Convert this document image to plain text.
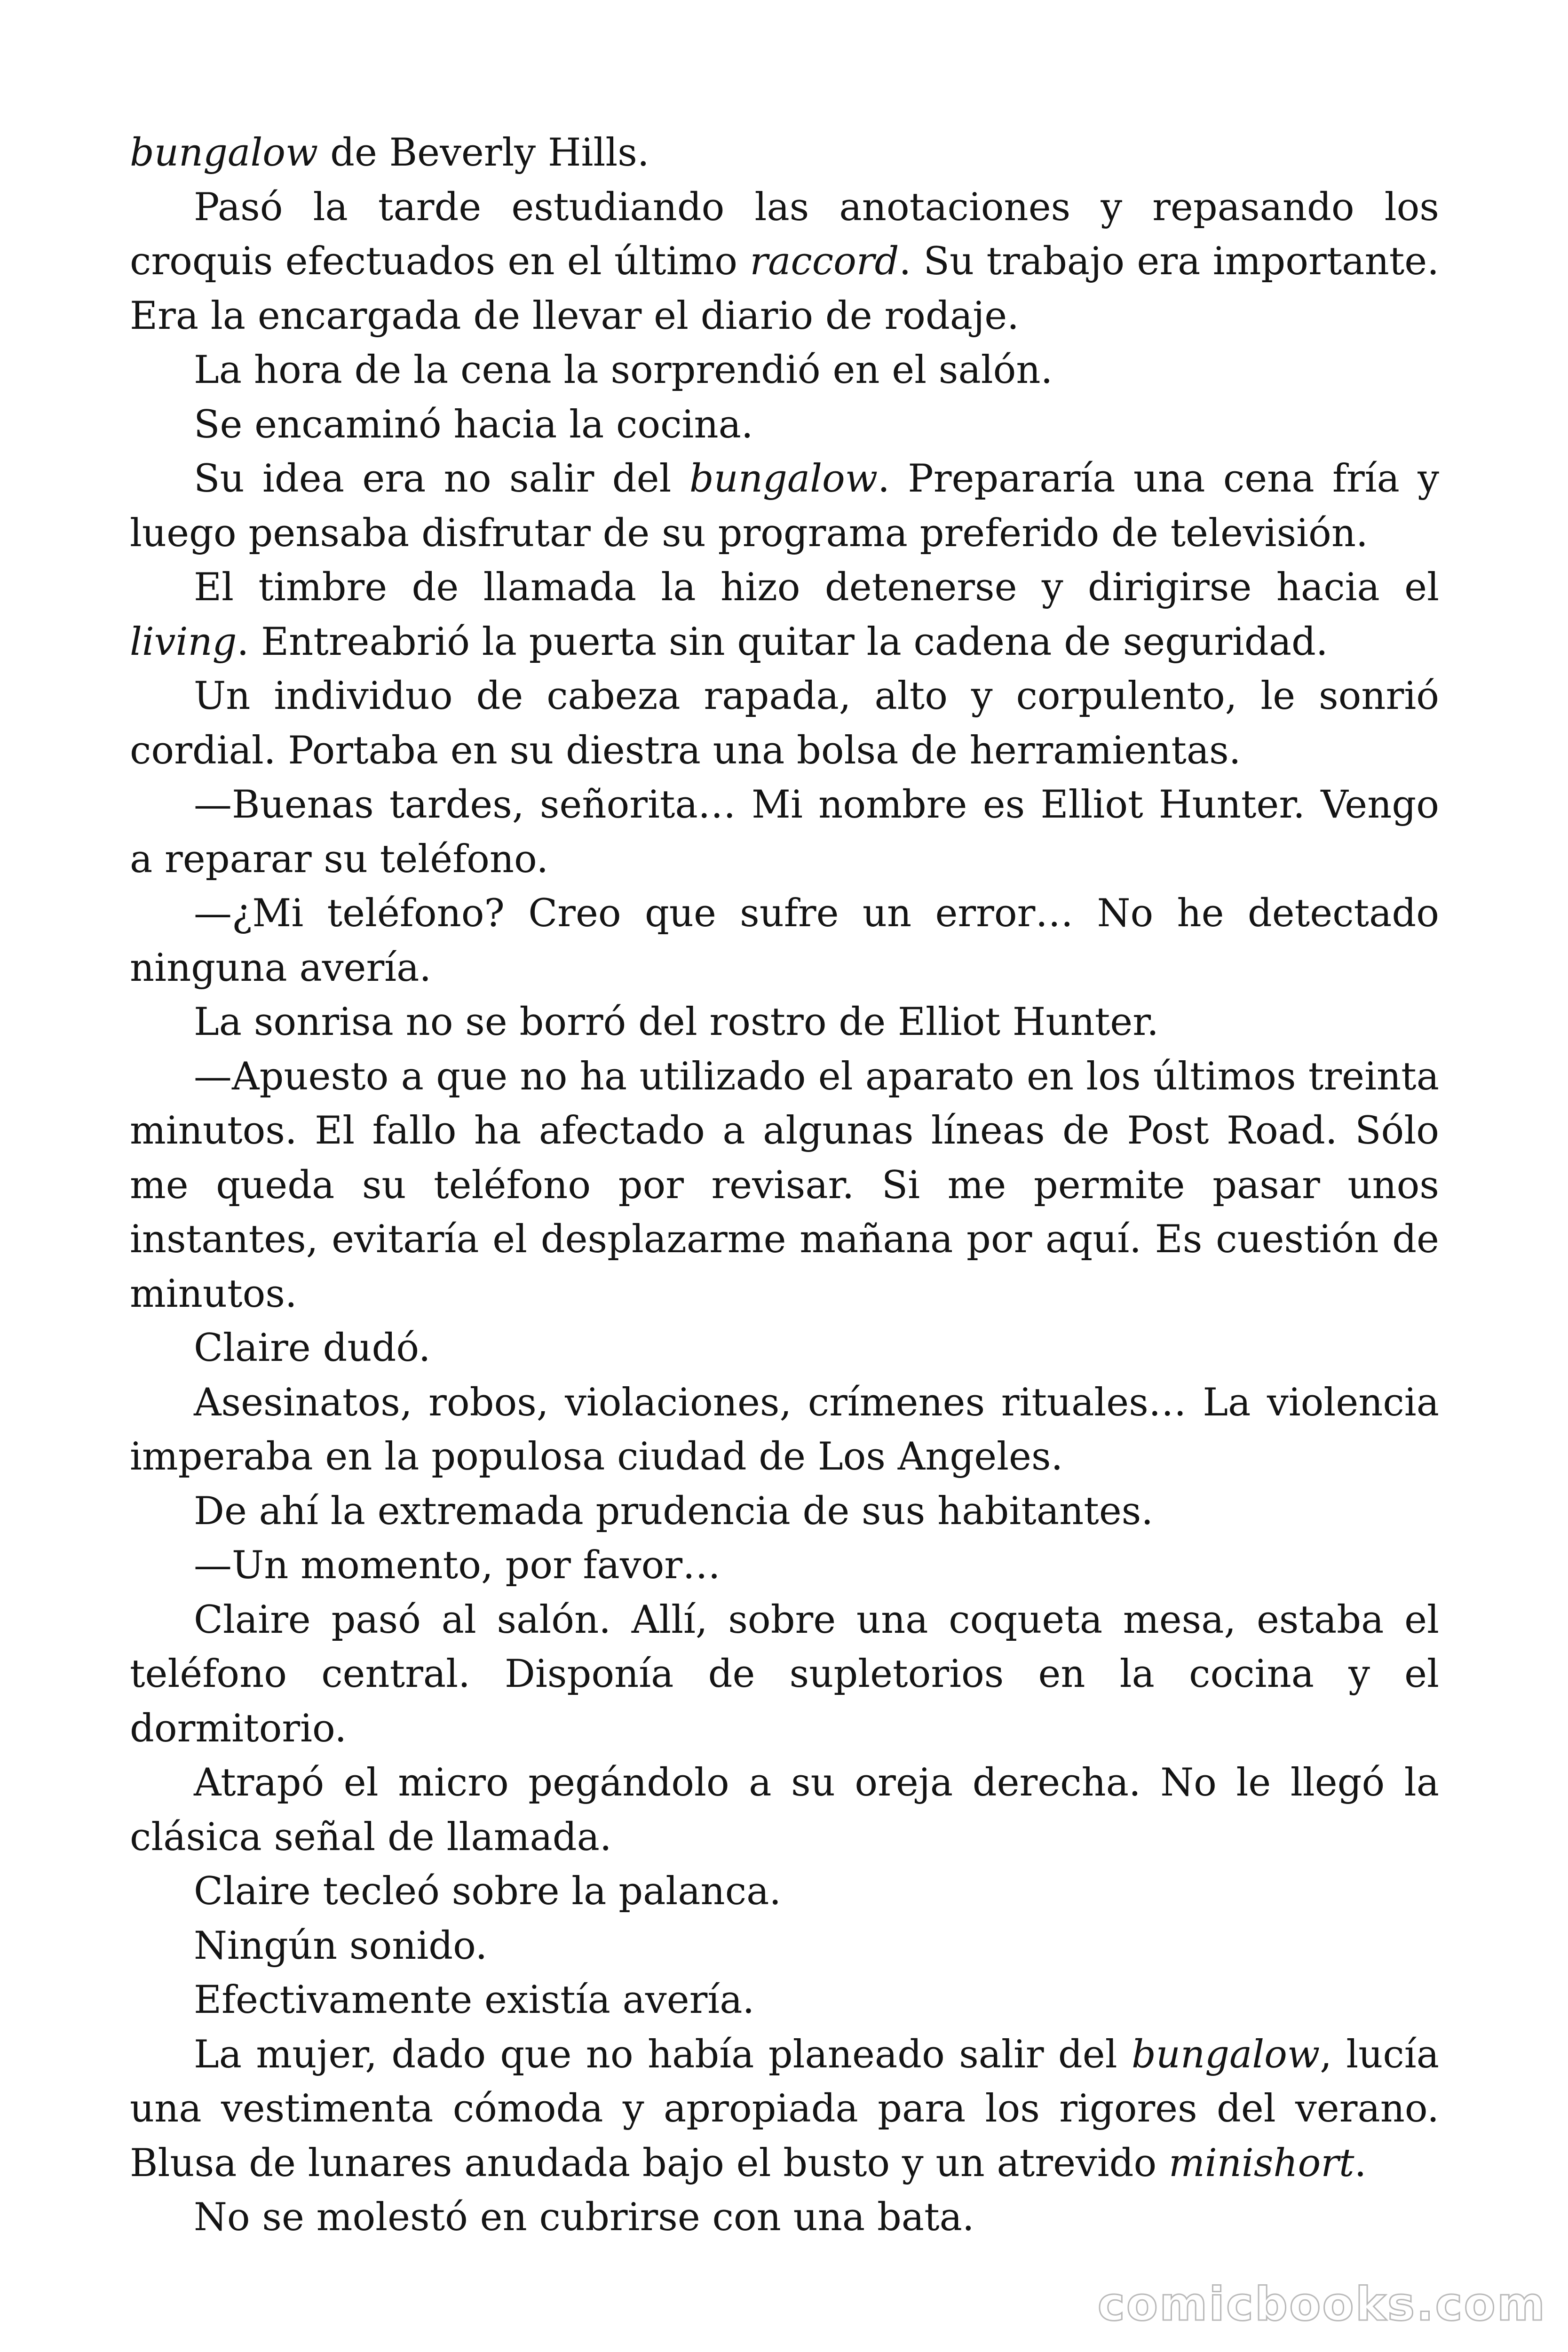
bungalow de Beverly Hills.

Pasó la tarde estudiando las anotaciones y repasando los croquis efectuados en el último raccord. Su trabajo era importante. Era la encargada de llevar el diario de rodaje.

La hora de la cena la sorprendió en el salón.

Se encaminó hacia la cocina.

Su idea era no salir del bungalow. Prepararía una cena fría y luego pensaba disfrutar de su programa preferido de televisión.

El timbre de llamada la hizo detenerse y dirigirse hacia el living. Entreabrió la puerta sin quitar la cadena de seguridad.

Un individuo de cabeza rapada, alto y corpulento, le sonrió cordial. Portaba en su diestra una bolsa de herramientas.

—Buenas tardes, señorita… Mi nombre es Elliot Hunter. Vengo a reparar su teléfono.

—¿Mi teléfono? Creo que sufre un error… No he detectado ninguna avería.

La sonrisa no se borró del rostro de Elliot Hunter.

—Apuesto a que no ha utilizado el aparato en los últimos treinta minutos. El fallo ha afectado a algunas líneas de Post Road. Sólo me queda su teléfono por revisar. Si me permite pasar unos instantes, evitaría el desplazarme mañana por aquí. Es cuestión de minutos.

Claire dudó.

Asesinatos, robos, violaciones, crímenes rituales… La violencia imperaba en la populosa ciudad de Los Angeles.

De ahí la extremada prudencia de sus habitantes.

—Un momento, por favor…

Claire pasó al salón. Allí, sobre una coqueta mesa, estaba el teléfono central. Disponía de supletorios en la cocina y el dormitorio.

Atrapó el micro pegándolo a su oreja derecha. No le llegó la clásica señal de llamada.

Claire tecleó sobre la palanca.

Ningún sonido.

Efectivamente existía avería.

La mujer, dado que no había planeado salir del bungalow, lucía una vestimenta cómoda y apropiada para los rigores del verano. Blusa de lunares anudada bajo el busto y un atrevido minishort.

No se molestó en cubrirse con una bata.

comicbooks.com
